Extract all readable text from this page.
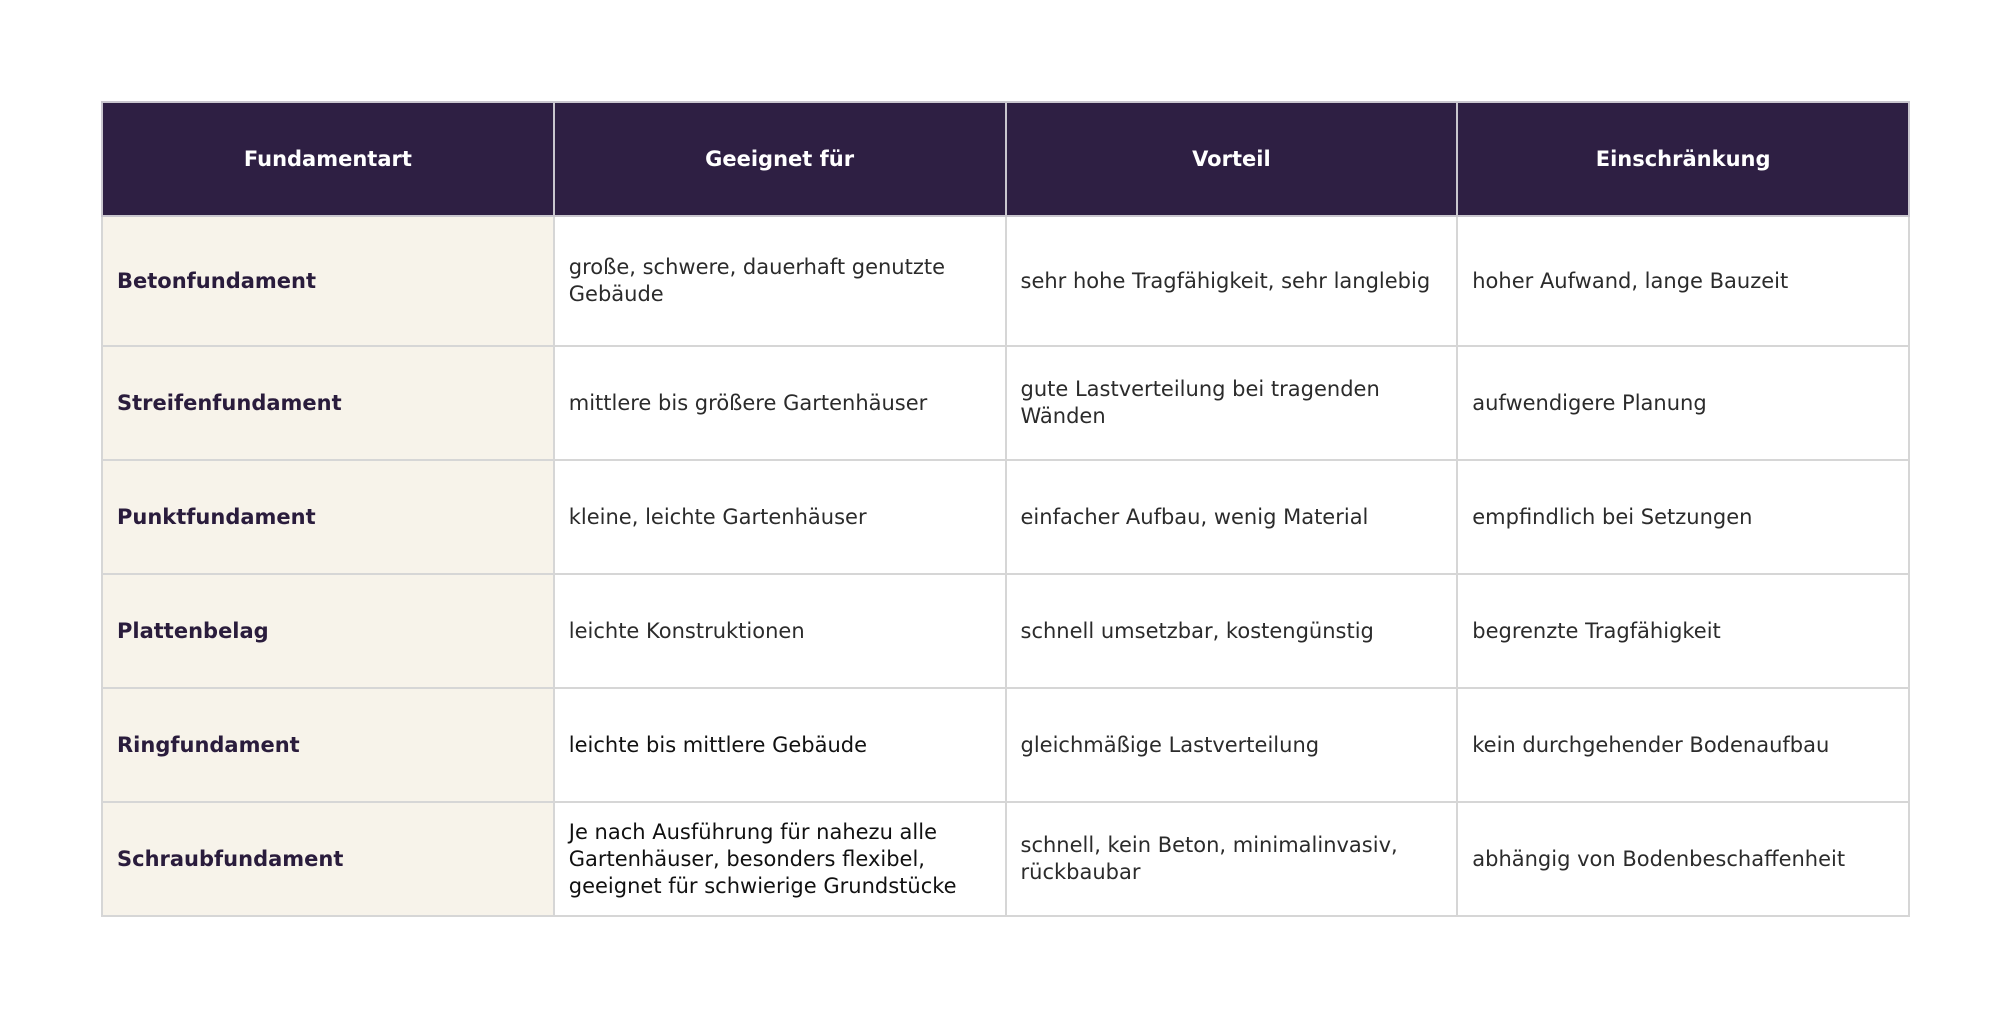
Fundamentart	Geeignet für	Vorteil	Einschränkung
Betonfundament	große, schwere, dauerhaft genutzte Gebäude	sehr hohe Tragfähigkeit, sehr langlebig	hoher Aufwand, lange Bauzeit
Streifenfundament	mittlere bis größere Gartenhäuser	gute Lastverteilung bei tragenden Wänden	aufwendigere Planung
Punktfundament	kleine, leichte Gartenhäuser	einfacher Aufbau, wenig Material	empfindlich bei Setzungen
Plattenbelag	leichte Konstruktionen	schnell umsetzbar, kostengünstig	begrenzte Tragfähigkeit
Ringfundament	leichte bis mittlere Gebäude	gleichmäßige Lastverteilung	kein durchgehender Bodenaufbau
Schraubfundament	Je nach Ausführung für nahezu alle Gartenhäuser, besonders flexibel, geeignet für schwierige Grundstücke	schnell, kein Beton, minimalinvasiv, rückbaubar	abhängig von Bodenbeschaffenheit
